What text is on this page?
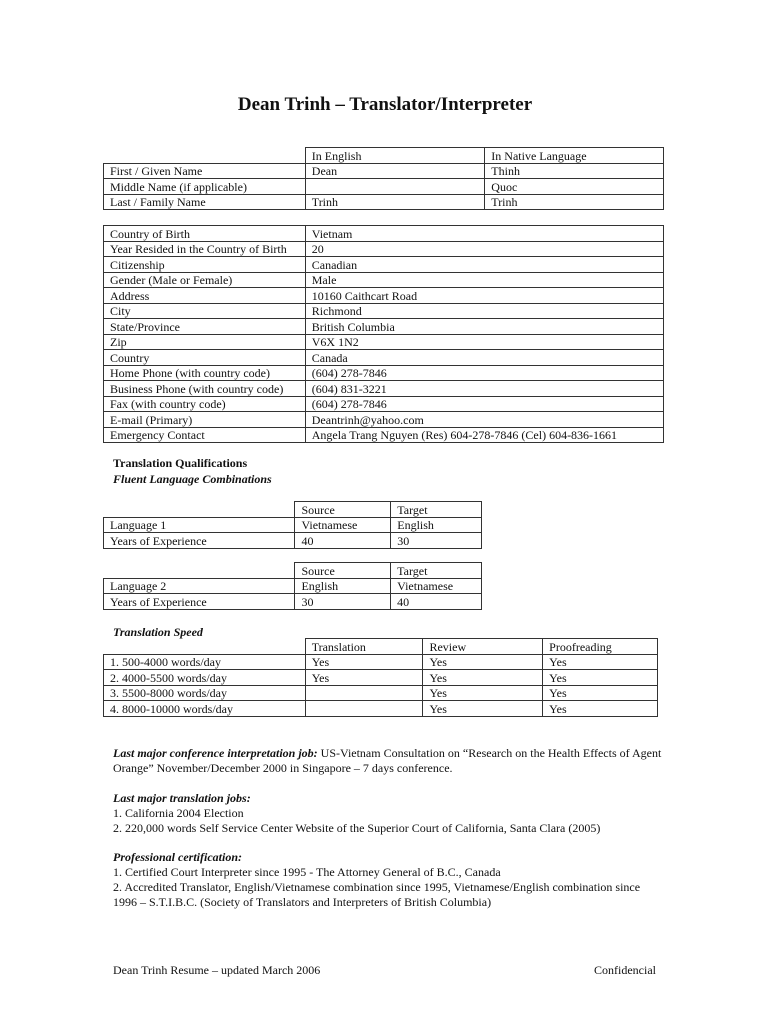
Dean Trinh – Translator/Interpreter
	In English	In Native Language
First / Given Name	Dean	Thinh
Middle Name (if applicable)		Quoc
Last / Family Name	Trinh	Trinh
Country of Birth	Vietnam
Year Resided in the Country of Birth	20
Citizenship	Canadian
Gender (Male or Female)	Male
Address	10160 Caithcart Road
City	Richmond
State/Province	British Columbia
Zip	V6X 1N2
Country	Canada
Home Phone (with country code)	(604) 278-7846
Business Phone (with country code)	(604) 831-3221
Fax (with country code)	(604) 278-7846
E-mail (Primary)	Deantrinh@yahoo.com
Emergency Contact	Angela Trang Nguyen (Res) 604-278-7846 (Cel) 604-836-1661
Translation Qualifications
Fluent Language Combinations
	Source	Target
Language 1	Vietnamese	English
Years of Experience	40	30
	Source	Target
Language 2	English	Vietnamese
Years of Experience	30	40
Translation Speed
	Translation	Review	Proofreading
1. 500-4000 words/day	Yes	Yes	Yes
2. 4000-5500 words/day	Yes	Yes	Yes
3. 5500-8000 words/day		Yes	Yes
4. 8000-10000 words/day		Yes	Yes
Last major conference interpretation job: US-Vietnam Consultation on “Research on the Health Effects of Agent Orange” November/December 2000 in Singapore – 7 days conference.
Last major translation jobs:
1. California 2004 Election
2. 220,000 words Self Service Center Website of the Superior Court of California, Santa Clara (2005)
Professional certification:
1. Certified Court Interpreter since 1995 - The Attorney General of B.C., Canada
2. Accredited Translator, English/Vietnamese combination since 1995, Vietnamese/English combination since 1996 – S.T.I.B.C. (Society of Translators and Interpreters of British Columbia)
Dean Trinh Resume – updated March 2006	Confidencial
